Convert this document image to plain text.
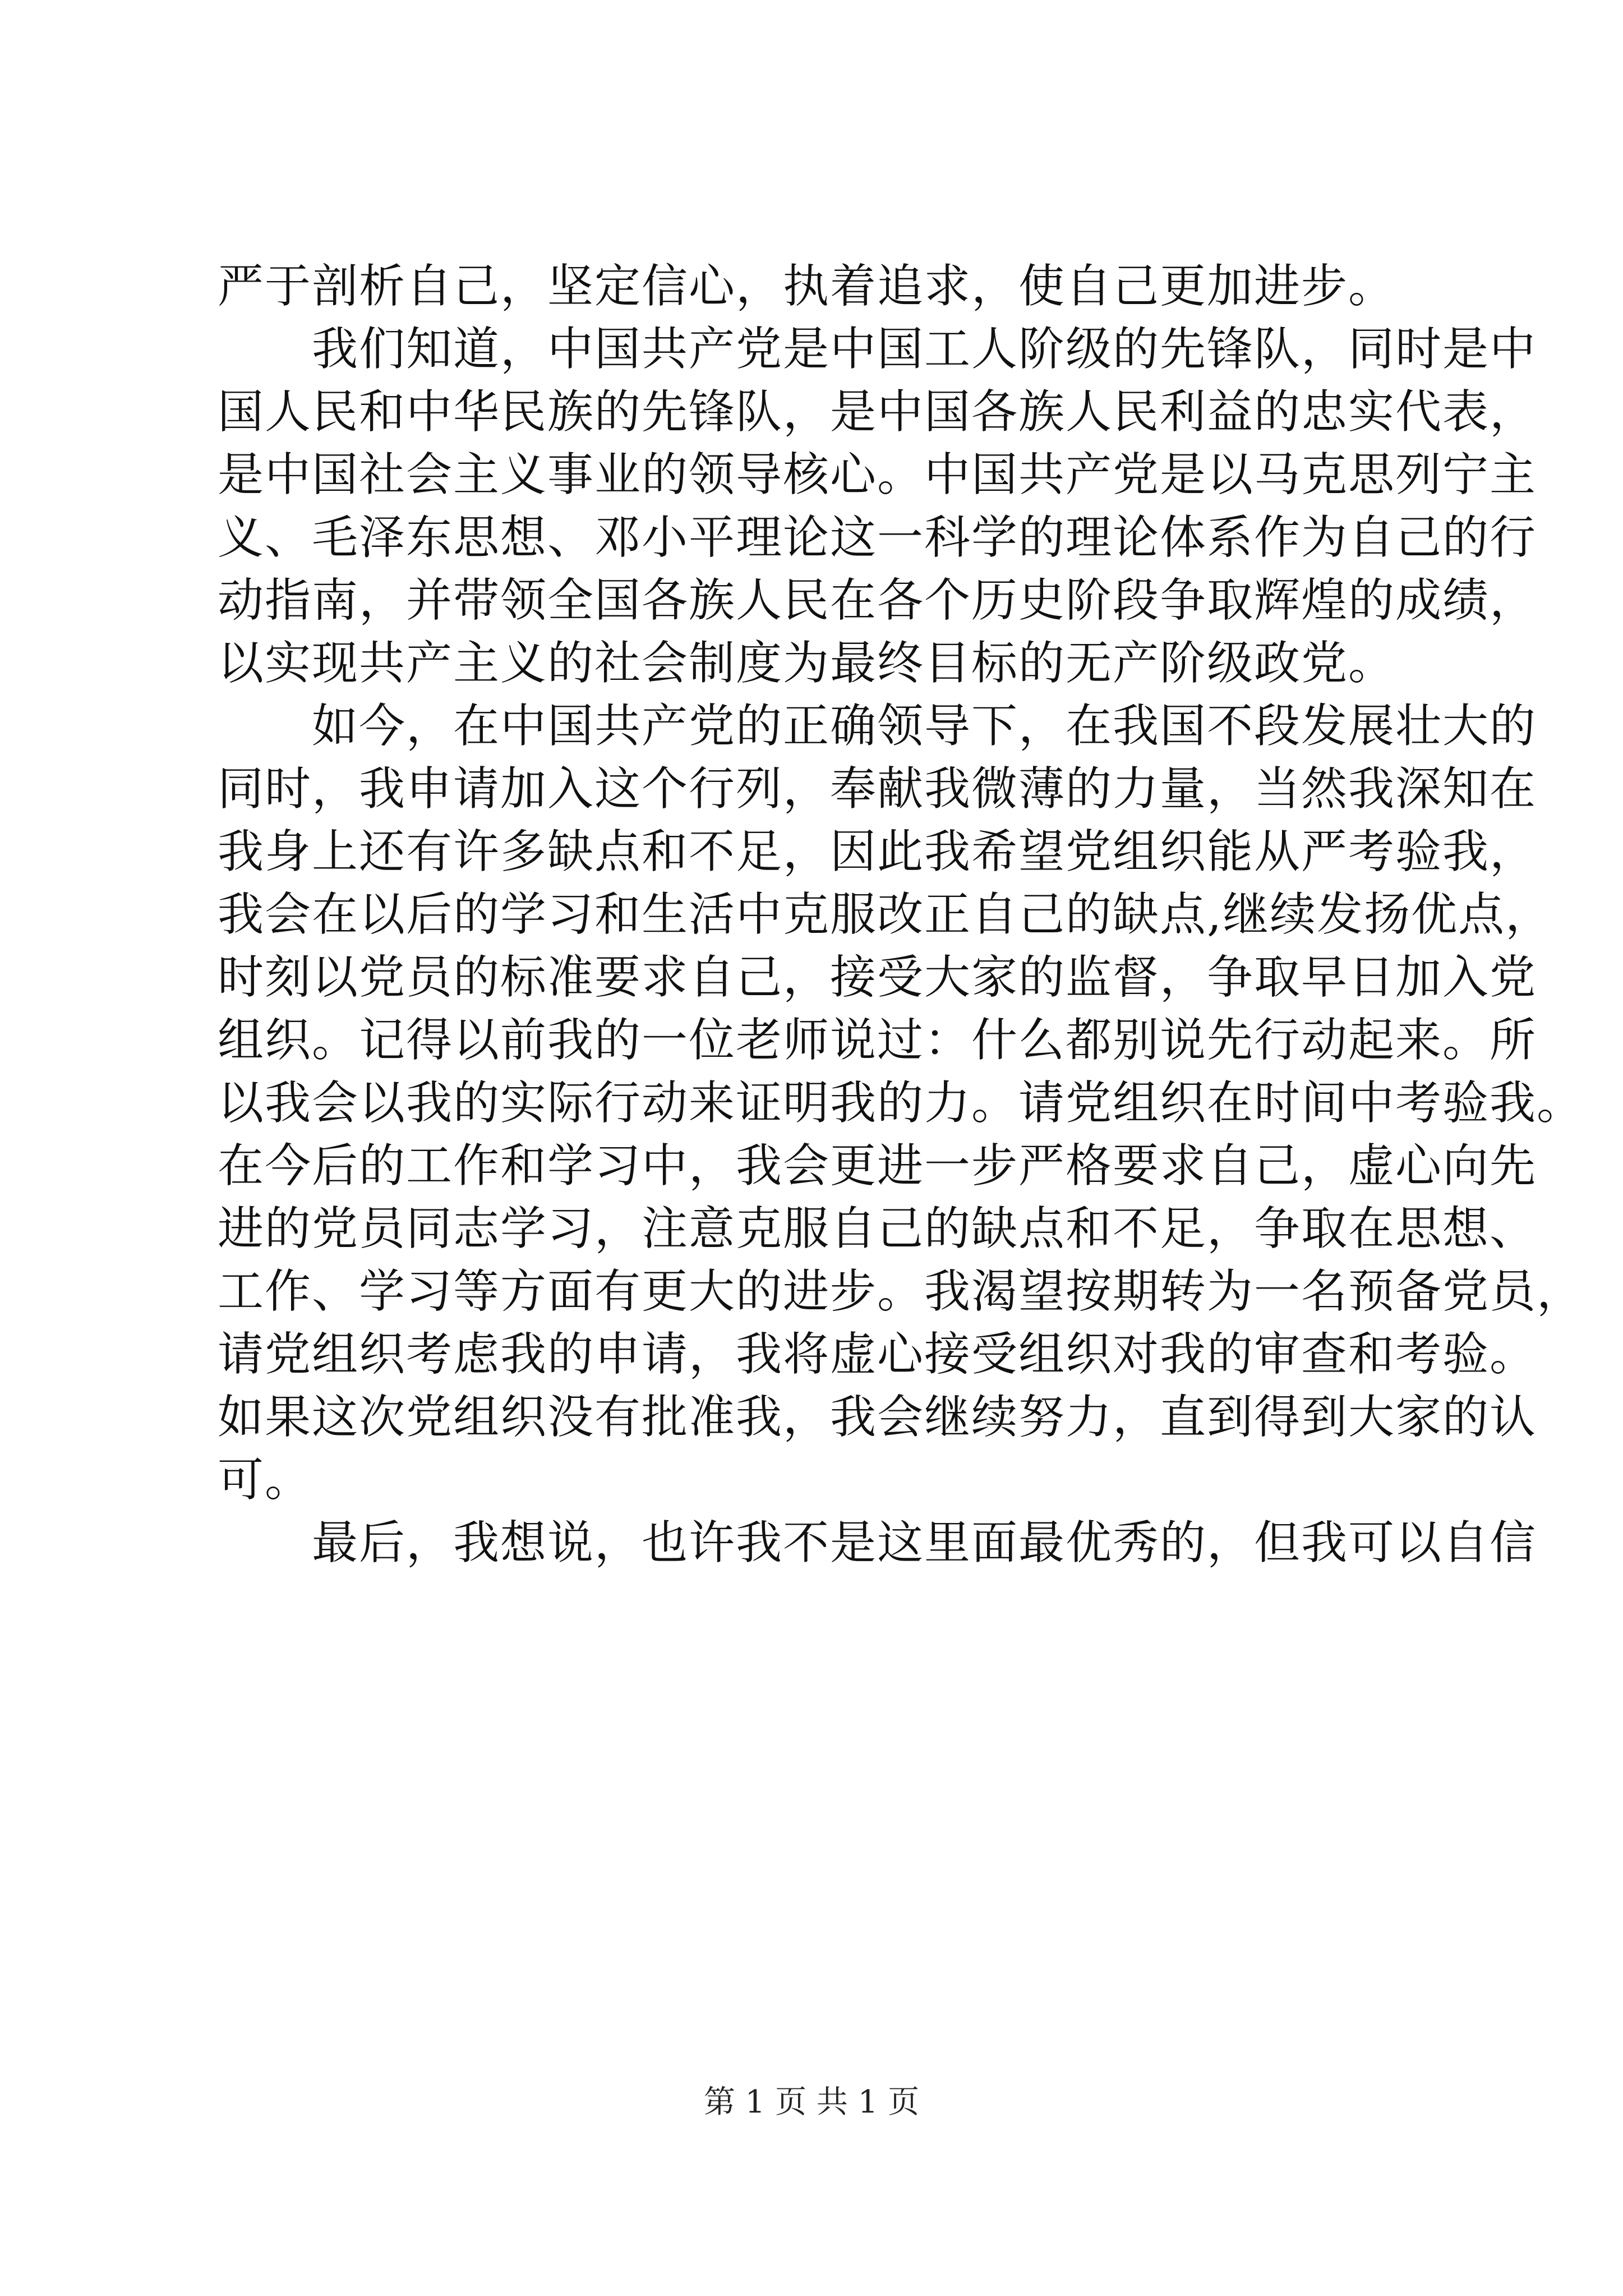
严于剖析自己，坚定信心，执着追求，使自己更加进步。
　　我们知道，中国共产党是中国工人阶级的先锋队，同时是中
国人民和中华民族的先锋队，是中国各族人民利益的忠实代表，
是中国社会主义事业的领导核心。中国共产党是以马克思列宁主
义、毛泽东思想、邓小平理论这一科学的理论体系作为自己的行
动指南，并带领全国各族人民在各个历史阶段争取辉煌的成绩，
以实现共产主义的社会制度为最终目标的无产阶级政党。
　　如今，在中国共产党的正确领导下，在我国不段发展壮大的
同时，我申请加入这个行列，奉献我微薄的力量，当然我深知在
我身上还有许多缺点和不足，因此我希望党组织能从严考验我，
我会在以后的学习和生活中克服改正自己的缺点,继续发扬优点，
时刻以党员的标准要求自己，接受大家的监督，争取早日加入党
组织。记得以前我的一位老师说过：什么都别说先行动起来。所
以我会以我的实际行动来证明我的力。请党组织在时间中考验我。
在今后的工作和学习中，我会更进一步严格要求自己，虚心向先
进的党员同志学习，注意克服自己的缺点和不足，争取在思想、
工作、学习等方面有更大的进步。我渴望按期转为一名预备党员，
请党组织考虑我的申请，我将虚心接受组织对我的审查和考验。
如果这次党组织没有批准我，我会继续努力，直到得到大家的认
可。
　　最后，我想说，也许我不是这里面最优秀的，但我可以自信
第 1 页 共 1 页
